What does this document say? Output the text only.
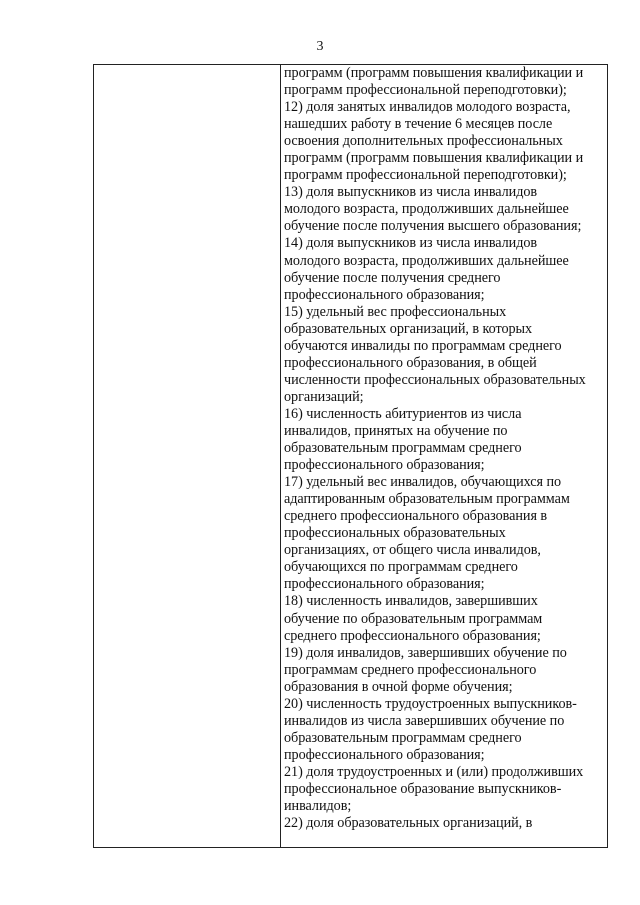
3
программ (программ повышения квалификации и
программ профессиональной переподготовки);
12) доля занятых инвалидов молодого возраста,
нашедших работу в течение 6 месяцев после
освоения дополнительных профессиональных
программ (программ повышения квалификации и
программ профессиональной переподготовки);
13) доля выпускников из числа инвалидов
молодого возраста, продолживших дальнейшее
обучение после получения высшего образования;
14) доля выпускников из числа инвалидов
молодого возраста, продолживших дальнейшее
обучение после получения среднего
профессионального образования;
15) удельный вес профессиональных
образовательных организаций, в которых
обучаются инвалиды по программам среднего
профессионального образования, в общей
численности профессиональных образовательных
организаций;
16) численность абитуриентов из числа
инвалидов, принятых на обучение по
образовательным программам среднего
профессионального образования;
17) удельный вес инвалидов, обучающихся по
адаптированным образовательным программам
среднего профессионального образования в
профессиональных образовательных
организациях, от общего числа инвалидов,
обучающихся по программам среднего
профессионального образования;
18) численность инвалидов, завершивших
обучение по образовательным программам
среднего профессионального образования;
19) доля инвалидов, завершивших обучение по
программам среднего профессионального
образования в очной форме обучения;
20) численность трудоустроенных выпускников-
инвалидов из числа завершивших обучение по
образовательным программам среднего
профессионального образования;
21) доля трудоустроенных и (или) продолживших
профессиональное образование выпускников-
инвалидов;
22) доля образовательных организаций, в
